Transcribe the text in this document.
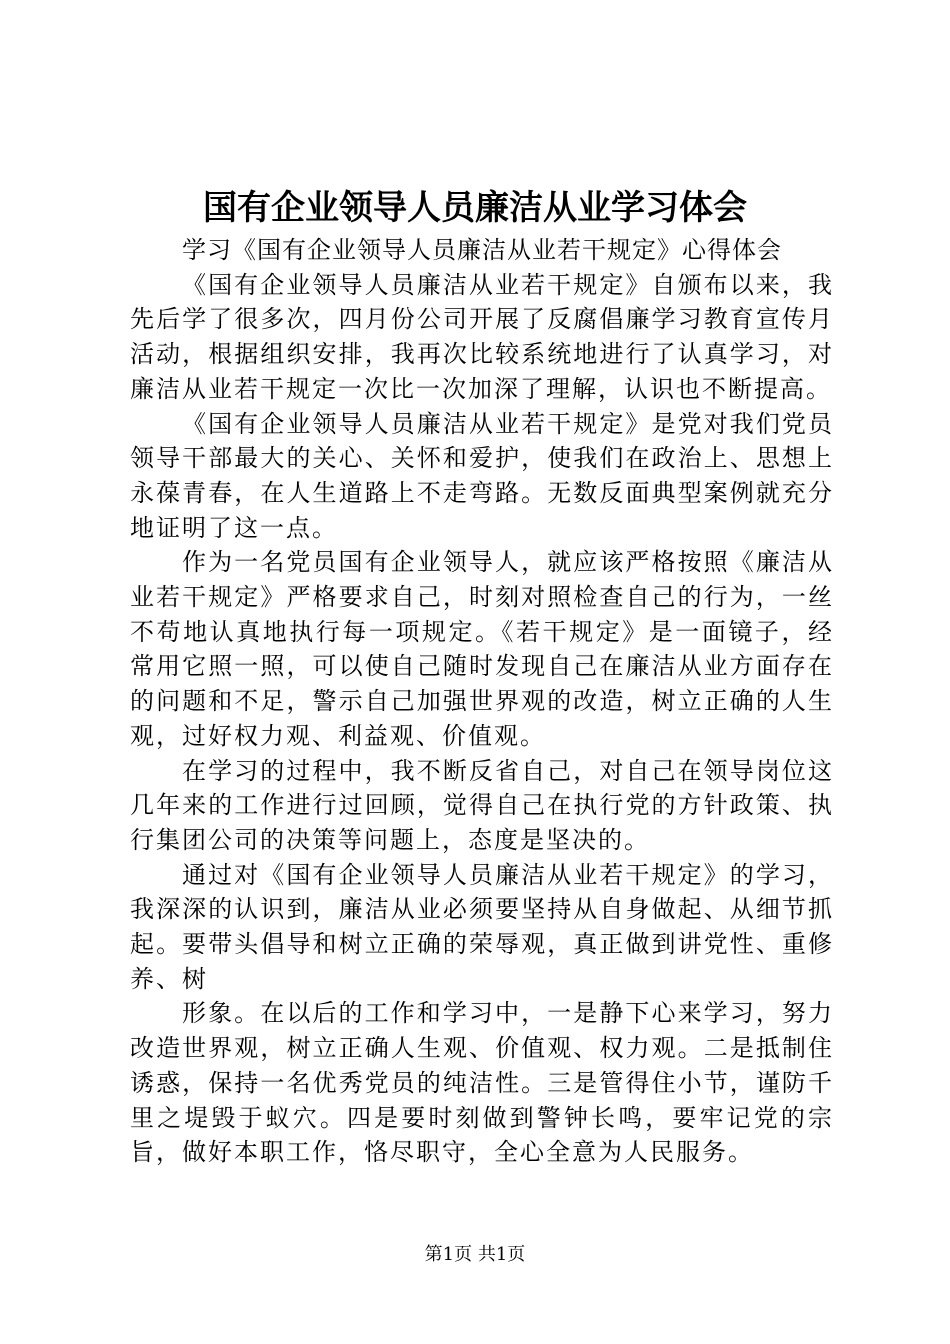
国有企业领导人员廉洁从业学习体会

学习《国有企业领导人员廉洁从业若干规定》心得体会

《国有企业领导人员廉洁从业若干规定》自颁布以来，我先后学了很多次，四月份公司开展了反腐倡廉学习教育宣传月活动，根据组织安排，我再次比较系统地进行了认真学习，对廉洁从业若干规定一次比一次加深了理解，认识也不断提高。

《国有企业领导人员廉洁从业若干规定》是党对我们党员领导干部最大的关心、关怀和爱护，使我们在政治上、思想上永葆青春，在人生道路上不走弯路。无数反面典型案例就充分地证明了这一点。

作为一名党员国有企业领导人，就应该严格按照《廉洁从业若干规定》严格要求自己，时刻对照检查自己的行为，一丝不苟地认真地执行每一项规定。《若干规定》是一面镜子，经常用它照一照，可以使自己随时发现自己在廉洁从业方面存在的问题和不足，警示自己加强世界观的改造，树立正确的人生观，过好权力观、利益观、价值观。

在学习的过程中，我不断反省自己，对自己在领导岗位这几年来的工作进行过回顾，觉得自己在执行党的方针政策、执行集团公司的决策等问题上，态度是坚决的。

通过对《国有企业领导人员廉洁从业若干规定》的学习，我深深的认识到，廉洁从业必须要坚持从自身做起、从细节抓起。要带头倡导和树立正确的荣辱观，真正做到讲党性、重修养、树

形象。在以后的工作和学习中，一是静下心来学习，努力改造世界观，树立正确人生观、价值观、权力观。二是抵制住诱惑，保持一名优秀党员的纯洁性。三是管得住小节，谨防千里之堤毁于蚁穴。四是要时刻做到警钟长鸣，要牢记党的宗旨，做好本职工作，恪尽职守，全心全意为人民服务。

第1页 共1页
